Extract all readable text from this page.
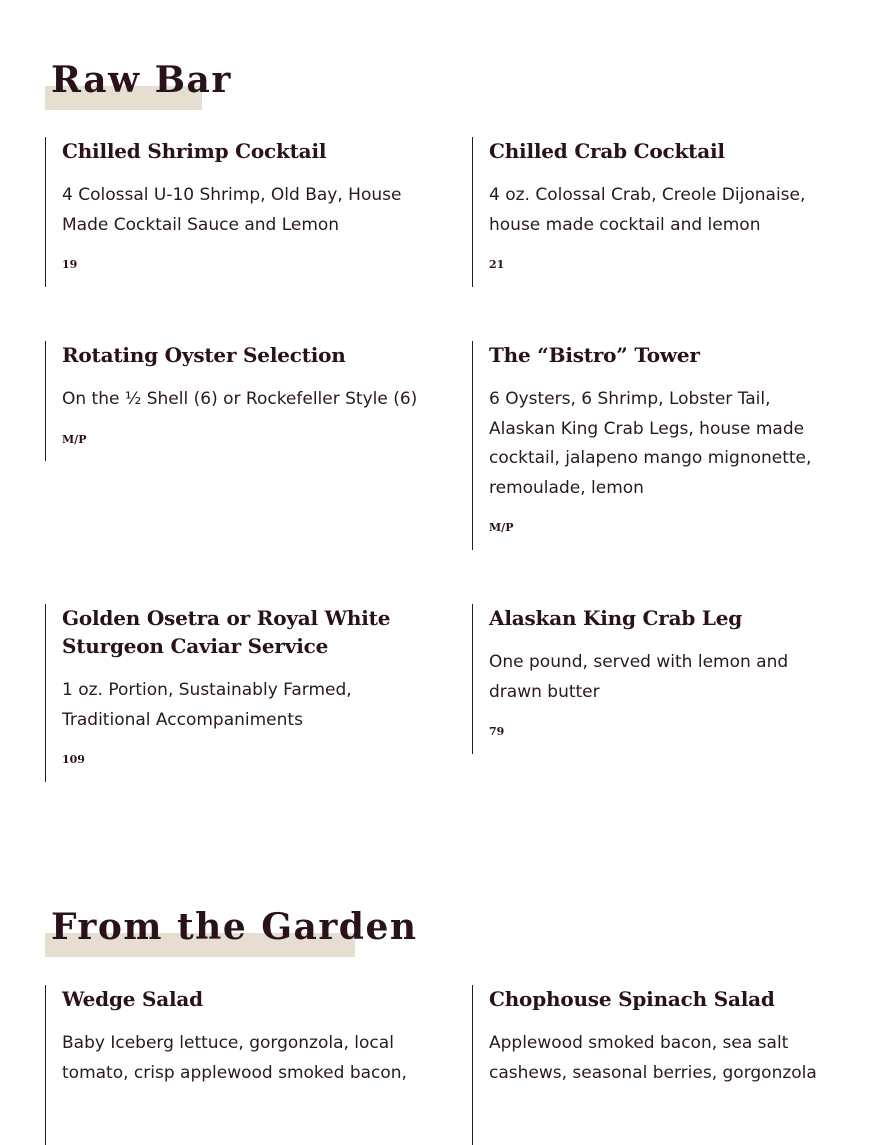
Raw Bar
Chilled Shrimp Cocktail

4 Colossal U-10 Shrimp, Old Bay, House Made Cocktail Sauce and Lemon

19

Chilled Crab Cocktail

4 oz. Colossal Crab, Creole Dijonaise, house made cocktail and lemon

21

Rotating Oyster Selection

On the ½ Shell (6) or Rockefeller Style (6)

M/P

The “Bistro” Tower

6 Oysters, 6 Shrimp, Lobster Tail, Alaskan King Crab Legs, house made cocktail, jalapeno mango mignonette, remoulade, lemon

M/P

Golden Osetra or Royal White Sturgeon Caviar Service

1 oz. Portion, Sustainably Farmed, Traditional Accompaniments

109

Alaskan King Crab Leg

One pound, served with lemon and drawn butter

79

From the Garden
Wedge Salad

Baby Iceberg lettuce, gorgonzola, local tomato, crisp applewood smoked bacon,

Chophouse Spinach Salad

Applewood smoked bacon, sea salt cashews, seasonal berries, gorgonzola
